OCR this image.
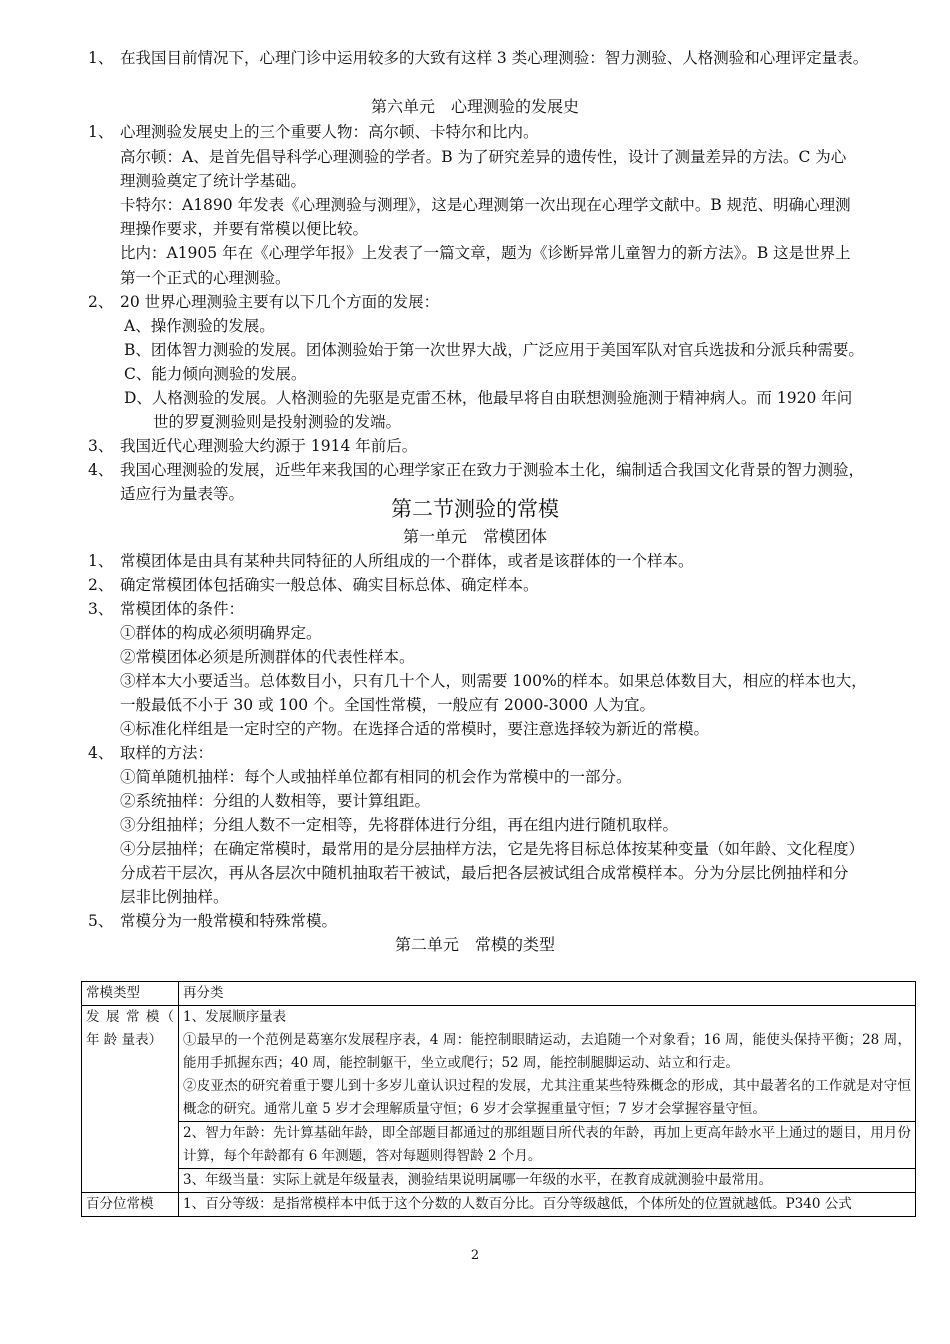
1、 在我国目前情况下，心理门诊中运用较多的大致有这样 3 类心理测验：智力测验、人格测验和心理评定量表。
第六单元　心理测验的发展史
1、 心理测验发展史上的三个重要人物：高尔顿、卡特尔和比内。
高尔顿：A、是首先倡导科学心理测验的学者。B 为了研究差异的遗传性，设计了测量差异的方法。C 为心
理测验奠定了统计学基础。
卡特尔：A1890 年发表《心理测验与测理》，这是心理测第一次出现在心理学文献中。B 规范、明确心理测
理操作要求，并要有常模以便比较。
比内：A1905 年在《心理学年报》上发表了一篇文章，题为《诊断异常儿童智力的新方法》。B 这是世界上
第一个正式的心理测验。
2、 20 世界心理测验主要有以下几个方面的发展：
A、操作测验的发展。
B、团体智力测验的发展。团体测验始于第一次世界大战，广泛应用于美国军队对官兵选拔和分派兵种需要。
C、能力倾向测验的发展。
D、人格测验的发展。人格测验的先驱是克雷丕林，他最早将自由联想测验施测于精神病人。而 1920 年问
世的罗夏测验则是投射测验的发端。
3、 我国近代心理测验大约源于 1914 年前后。
4、 我国心理测验的发展，近些年来我国的心理学家正在致力于测验本土化，编制适合我国文化背景的智力测验，
适应行为量表等。
第二节测验的常模
第一单元　常模团体
1、 常模团体是由具有某种共同特征的人所组成的一个群体，或者是该群体的一个样本。
2、 确定常模团体包括确实一般总体、确实目标总体、确定样本。
3、 常模团体的条件：
①群体的构成必须明确界定。
②常模团体必须是所测群体的代表性样本。
③样本大小要适当。总体数目小，只有几十个人，则需要 100%的样本。如果总体数目大，相应的样本也大，
一般最低不小于 30 或 100 个。全国性常模，一般应有 2000-3000 人为宜。
④标准化样组是一定时空的产物。在选择合适的常模时，要注意选择较为新近的常模。
4、 取样的方法：
①简单随机抽样：每个人或抽样单位都有相同的机会作为常模中的一部分。
②系统抽样：分组的人数相等，要计算组距。
③分组抽样；分组人数不一定相等，先将群体进行分组，再在组内进行随机取样。
④分层抽样；在确定常模时，最常用的是分层抽样方法，它是先将目标总体按某种变量（如年龄、文化程度）
分成若干层次，再从各层次中随机抽取若干被试，最后把各层被试组合成常模样本。分为分层比例抽样和分
层非比例抽样。
5、 常模分为一般常模和特殊常模。
第二单元　常模的类型
常模类型	再分类
发 展 常 模（ 年 龄 量表）	1、发展顺序量表
①最早的一个范例是葛塞尔发展程序表，4 周：能控制眼睛运动，去追随一个对象看；16 周，能使头保持平衡；28 周，能用手抓握东西；40 周，能控制躯干，坐立或爬行；52 周，能控制腿脚运动、站立和行走。
②皮亚杰的研究着重于婴儿到十多岁儿童认识过程的发展，尤其注重某些特殊概念的形成，其中最著名的工作就是对守恒概念的研究。通常儿童 5 岁才会理解质量守恒；6 岁才会掌握重量守恒；7 岁才会掌握容量守恒。

	2、智力年龄：先计算基础年龄，即全部题目都通过的那组题目所代表的年龄，再加上更高年龄水平上通过的题目，用月份计算，每个年龄都有 6 年测题，答对每题则得智龄 2 个月。
	3、年级当量：实际上就是年级量表，测验结果说明属哪一年级的水平，在教育成就测验中最常用。
百分位常模	1、百分等级：是指常模样本中低于这个分数的人数百分比。百分等级越低，个体所处的位置就越低。P340 公式
2
